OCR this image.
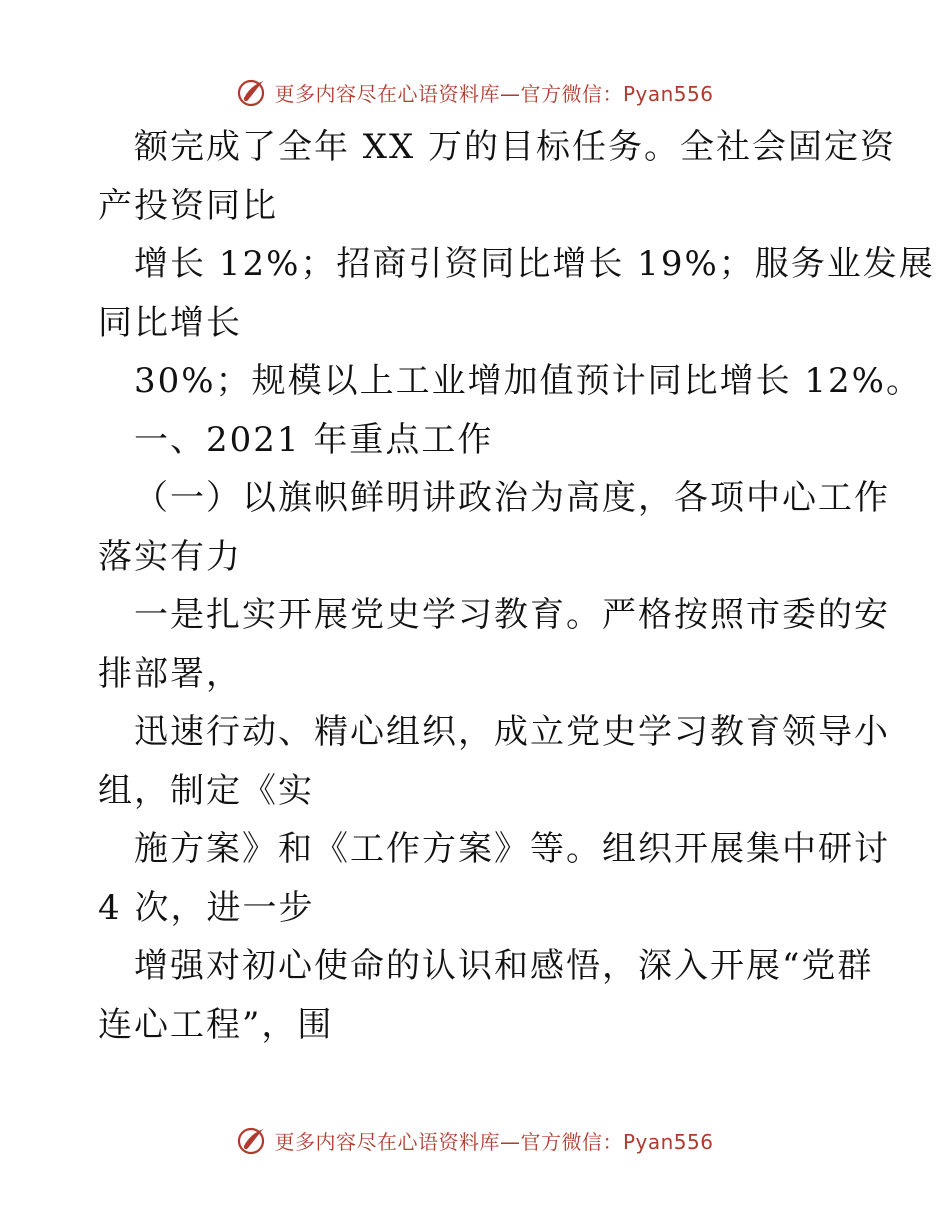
更多内容尽在心语资料库—官方微信：Pyan556
额完成了全年 XX 万的目标任务。全社会固定资
产投资同比
增长 12%；招商引资同比增长 19%；服务业发展
同比增长
30%；规模以上工业增加值预计同比增长 12%。
一、2021 年重点工作
（一）以旗帜鲜明讲政治为高度，各项中心工作
落实有力
一是扎实开展党史学习教育。严格按照市委的安
排部署，
迅速行动、精心组织，成立党史学习教育领导小
组，制定《实
施方案》和《工作方案》等。组织开展集中研讨
4 次，进一步
增强对初心使命的认识和感悟，深入开展“党群
连心工程”，围
更多内容尽在心语资料库—官方微信：Pyan556
